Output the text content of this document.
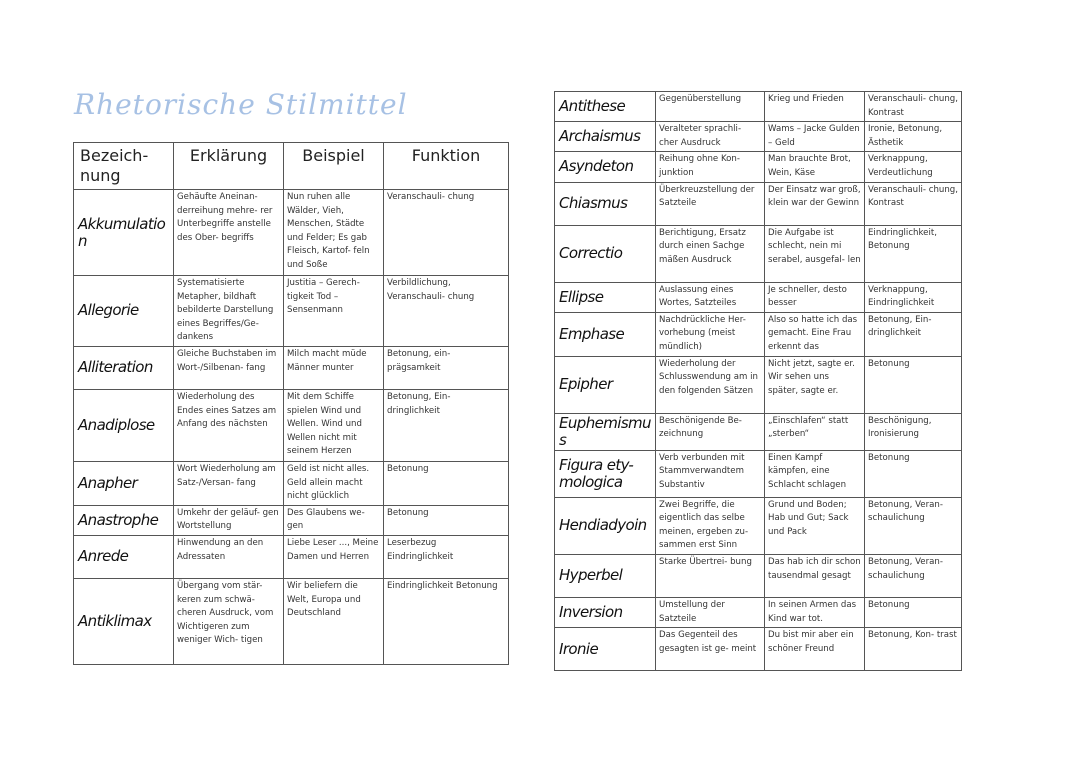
Rhetorische Stilmittel
Bezeich- nung	Erklärung	Beispiel	Funktion
Akkumulation	Gehäufte Aneinan- derreihung mehre- rer Unterbegriffe anstelle des Ober- begriffs	Nun ruhen alle Wälder, Vieh, Menschen, Städte und Felder; Es gab Fleisch, Kartof- feln und Soße	Veranschauli- chung
Allegorie	Systematisierte Metapher, bildhaft bebilderte Darstellung eines Begriffes/Ge- dankens	Justitia – Gerech- tigkeit Tod – Sensenmann	Verbildlichung, Veranschauli- chung
Alliteration	Gleiche Buchstaben im Wort-/Silbenan- fang	Milch macht müde Männer munter	Betonung, ein- prägsamkeit
Anadiplose	Wiederholung des Endes eines Satzes am Anfang des nächsten	Mit dem Schiffe spielen Wind und Wellen. Wind und Wellen nicht mit seinem Herzen	Betonung, Ein- dringlichkeit
Anapher	Wort Wiederholung am Satz-/Versan- fang	Geld ist nicht alles. Geld allein macht nicht glücklich	Betonung
Anastrophe	Umkehr der geläuf- gen Wortstellung	Des Glaubens we- gen	Betonung
Anrede	Hinwendung an den Adressaten	Liebe Leser ..., Meine Damen und Herren	Leserbezug Eindringlichkeit
Antiklimax	Übergang vom stär- keren zum schwä- cheren Ausdruck, vom Wichtigeren zum weniger Wich- tigen	Wir beliefern die Welt, Europa und Deutschland	Eindringlichkeit Betonung
Antithese	Gegenüberstellung	Krieg und Frieden	Veranschauli- chung, Kontrast
Archaismus	Veralteter sprachli- cher Ausdruck	Wams – Jacke Gulden – Geld	Ironie, Betonung, Ästhetik
Asyndeton	Reihung ohne Kon- junktion	Man brauchte Brot, Wein, Käse	Verknappung, Verdeutlichung
Chiasmus	Überkreuzstellung der Satzteile	Der Einsatz war groß, klein war der Gewinn	Veranschauli- chung, Kontrast
Correctio	Berichtigung, Ersatz durch einen Sachge mäßen Ausdruck	Die Aufgabe ist schlecht, nein mi serabel, ausgefal- len	Eindringlichkeit, Betonung
Ellipse	Auslassung eines Wortes, Satzteiles	Je schneller, desto besser	Verknappung, Eindringlichkeit
Emphase	Nachdrückliche Her- vorhebung (meist mündlich)	Also so hatte ich das gemacht. Eine Frau erkennt das	Betonung, Ein- dringlichkeit
Epipher	Wiederholung der Schlusswendung am in den folgenden Sätzen	Nicht jetzt, sagte er. Wir sehen uns später, sagte er.	Betonung
Euphemismus	Beschönigende Be- zeichnung	„Einschlafen“ statt „sterben“	Beschönigung, Ironisierung
Figura ety- mologica	Verb verbunden mit Stammverwandtem Substantiv	Einen Kampf kämpfen, eine Schlacht schlagen	Betonung
Hendiadyoin	Zwei Begriffe, die eigentlich das selbe meinen, ergeben zu- sammen erst Sinn	Grund und Boden; Hab und Gut; Sack und Pack	Betonung, Veran- schaulichung
Hyperbel	Starke Übertrei- bung	Das hab ich dir schon tausendmal gesagt	Betonung, Veran- schaulichung
Inversion	Umstellung der Satzteile	In seinen Armen das Kind war tot.	Betonung
Ironie	Das Gegenteil des gesagten ist ge- meint	Du bist mir aber ein schöner Freund	Betonung, Kon- trast
